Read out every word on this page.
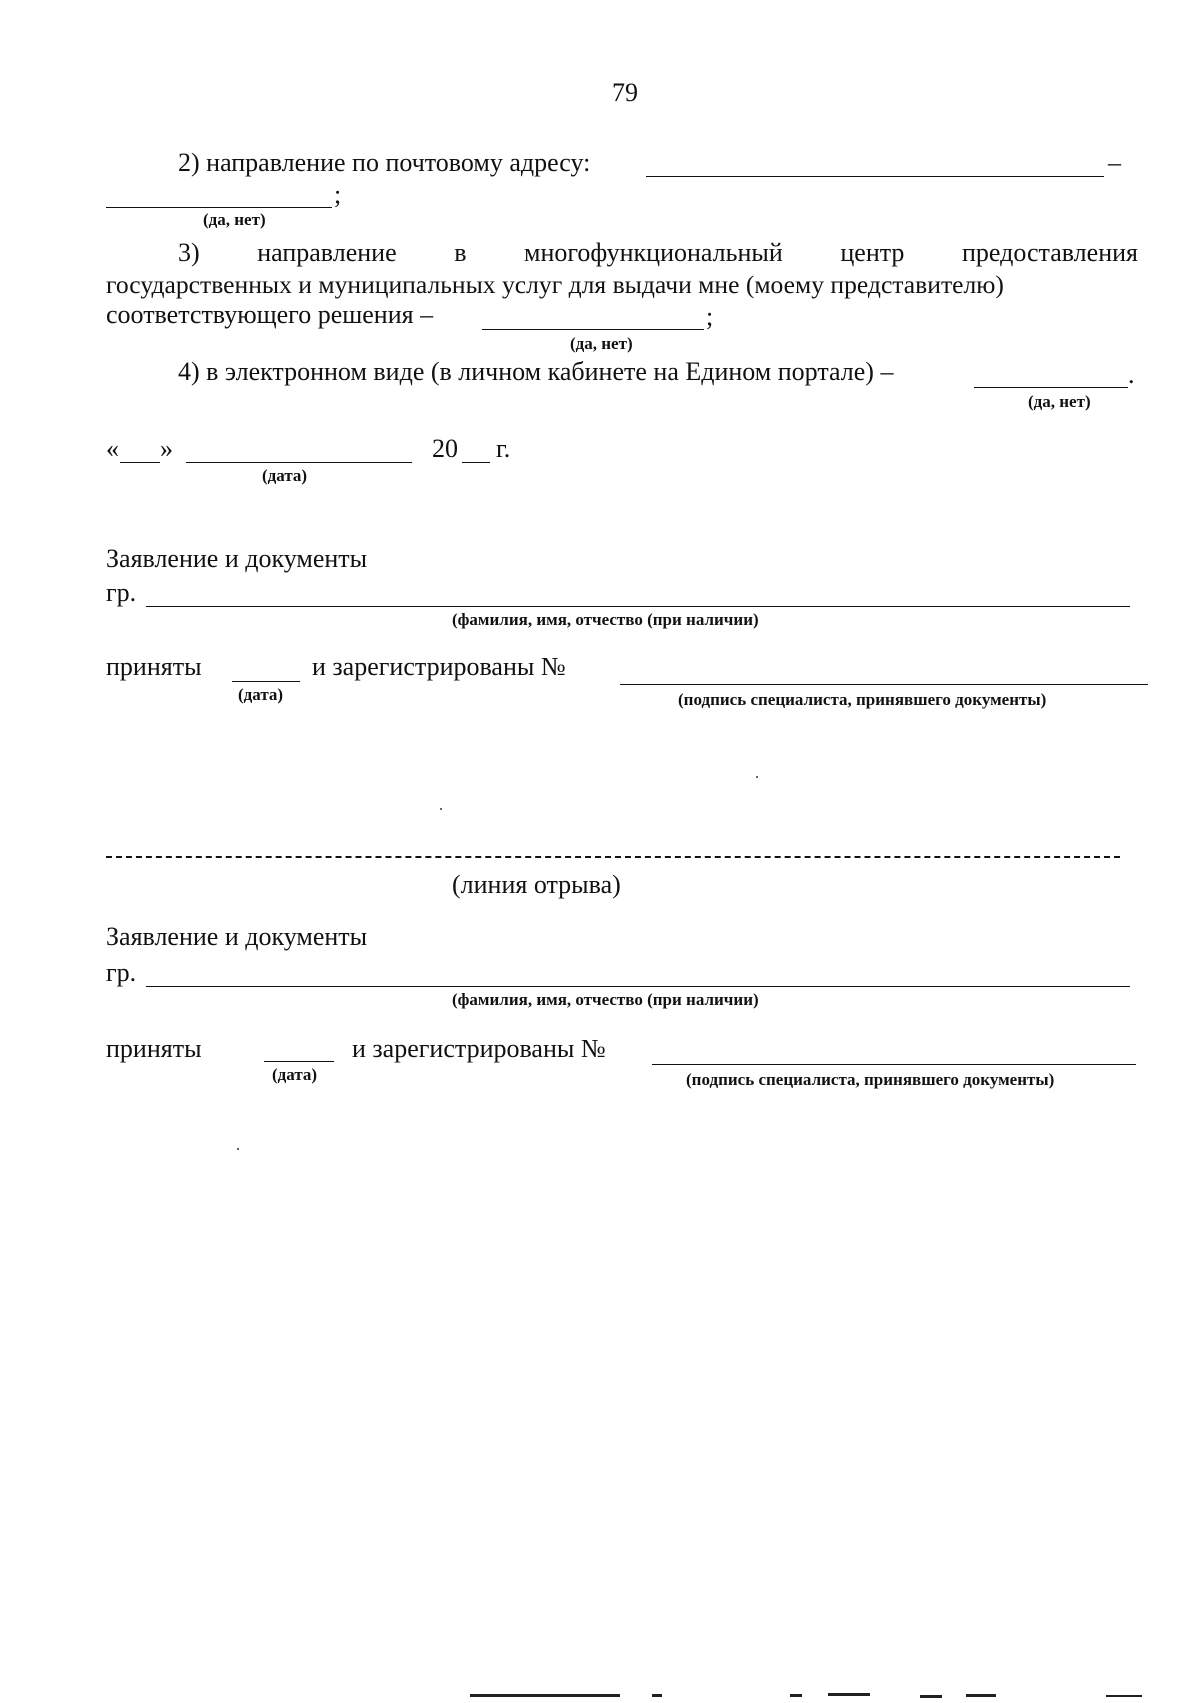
79
2) направление по почтовому адресу:	–
;
(да, нет)
3) направление в многофункциональный центр предоставления
государственных и муниципальных услуг для выдачи мне (моему представителю)
соответствующего решения –	;
(да, нет)
4) в электронном виде (в личном кабинете на Едином портале) –	.
(да, нет)
« »	20 г.
(дата)
Заявление и документы
гр.
(фамилия, имя, отчество (при наличии)
приняты	и зарегистрированы №
(дата)	(подпись специалиста, принявшего документы)
(линия отрыва)
Заявление и документы
гр.
(фамилия, имя, отчество (при наличии)
приняты	и зарегистрированы №
(дата)	(подпись специалиста, принявшего документы)
